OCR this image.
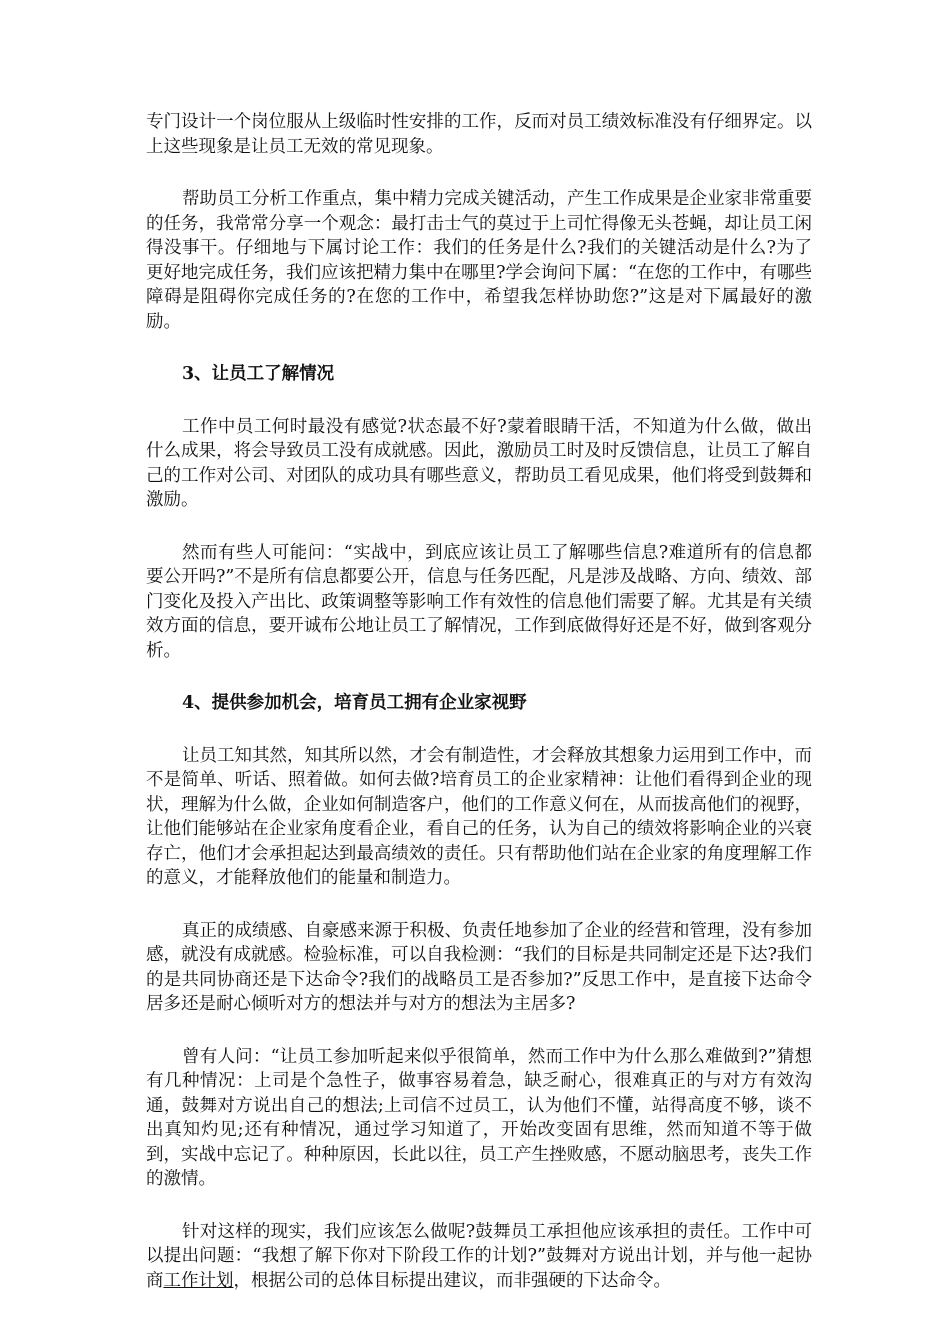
专门设计一个岗位服从上级临时性安排的工作，反而对员工绩效标准没有仔细界定。以上这些现象是让员工无效的常见现象。

帮助员工分析工作重点，集中精力完成关键活动，产生工作成果是企业家非常重要的任务，我常常分享一个观念：最打击士气的莫过于上司忙得像无头苍蝇，却让员工闲得没事干。仔细地与下属讨论工作：我们的任务是什么?我们的关键活动是什么?为了更好地完成任务，我们应该把精力集中在哪里?学会询问下属：“在您的工作中，有哪些障碍是阻碍你完成任务的?在您的工作中，希望我怎样协助您?”这是对下属最好的激励。

3、让员工了解情况

工作中员工何时最没有感觉?状态最不好?蒙着眼睛干活，不知道为什么做，做出什么成果，将会导致员工没有成就感。因此，激励员工时及时反馈信息，让员工了解自己的工作对公司、对团队的成功具有哪些意义，帮助员工看见成果，他们将受到鼓舞和激励。

然而有些人可能问：“实战中，到底应该让员工了解哪些信息?难道所有的信息都要公开吗?”不是所有信息都要公开，信息与任务匹配，凡是涉及战略、方向、绩效、部门变化及投入产出比、政策调整等影响工作有效性的信息他们需要了解。尤其是有关绩效方面的信息，要开诚布公地让员工了解情况，工作到底做得好还是不好，做到客观分析。

4、提供参加机会，培育员工拥有企业家视野

让员工知其然，知其所以然，才会有制造性，才会释放其想象力运用到工作中，而不是简单、听话、照着做。如何去做?培育员工的企业家精神：让他们看得到企业的现状，理解为什么做，企业如何制造客户，他们的工作意义何在，从而拔高他们的视野，让他们能够站在企业家角度看企业，看自己的任务，认为自己的绩效将影响企业的兴衰存亡，他们才会承担起达到最高绩效的责任。只有帮助他们站在企业家的角度理解工作的意义，才能释放他们的能量和制造力。

真正的成绩感、自豪感来源于积极、负责任地参加了企业的经营和管理，没有参加感，就没有成就感。检验标准，可以自我检测：“我们的目标是共同制定还是下达?我们的是共同协商还是下达命令?我们的战略员工是否参加?”反思工作中，是直接下达命令居多还是耐心倾听对方的想法并与对方的想法为主居多?

曾有人问：“让员工参加听起来似乎很简单，然而工作中为什么那么难做到?”猜想有几种情况：上司是个急性子，做事容易着急，缺乏耐心，很难真正的与对方有效沟通，鼓舞对方说出自己的想法;上司信不过员工，认为他们不懂，站得高度不够，谈不出真知灼见;还有种情况，通过学习知道了，开始改变固有思维，然而知道不等于做到，实战中忘记了。种种原因，长此以往，员工产生挫败感，不愿动脑思考，丧失工作的激情。

针对这样的现实，我们应该怎么做呢?鼓舞员工承担他应该承担的责任。工作中可以提出问题：“我想了解下你对下阶段工作的计划?”鼓舞对方说出计划，并与他一起协商工作计划，根据公司的总体目标提出建议，而非强硬的下达命令。
